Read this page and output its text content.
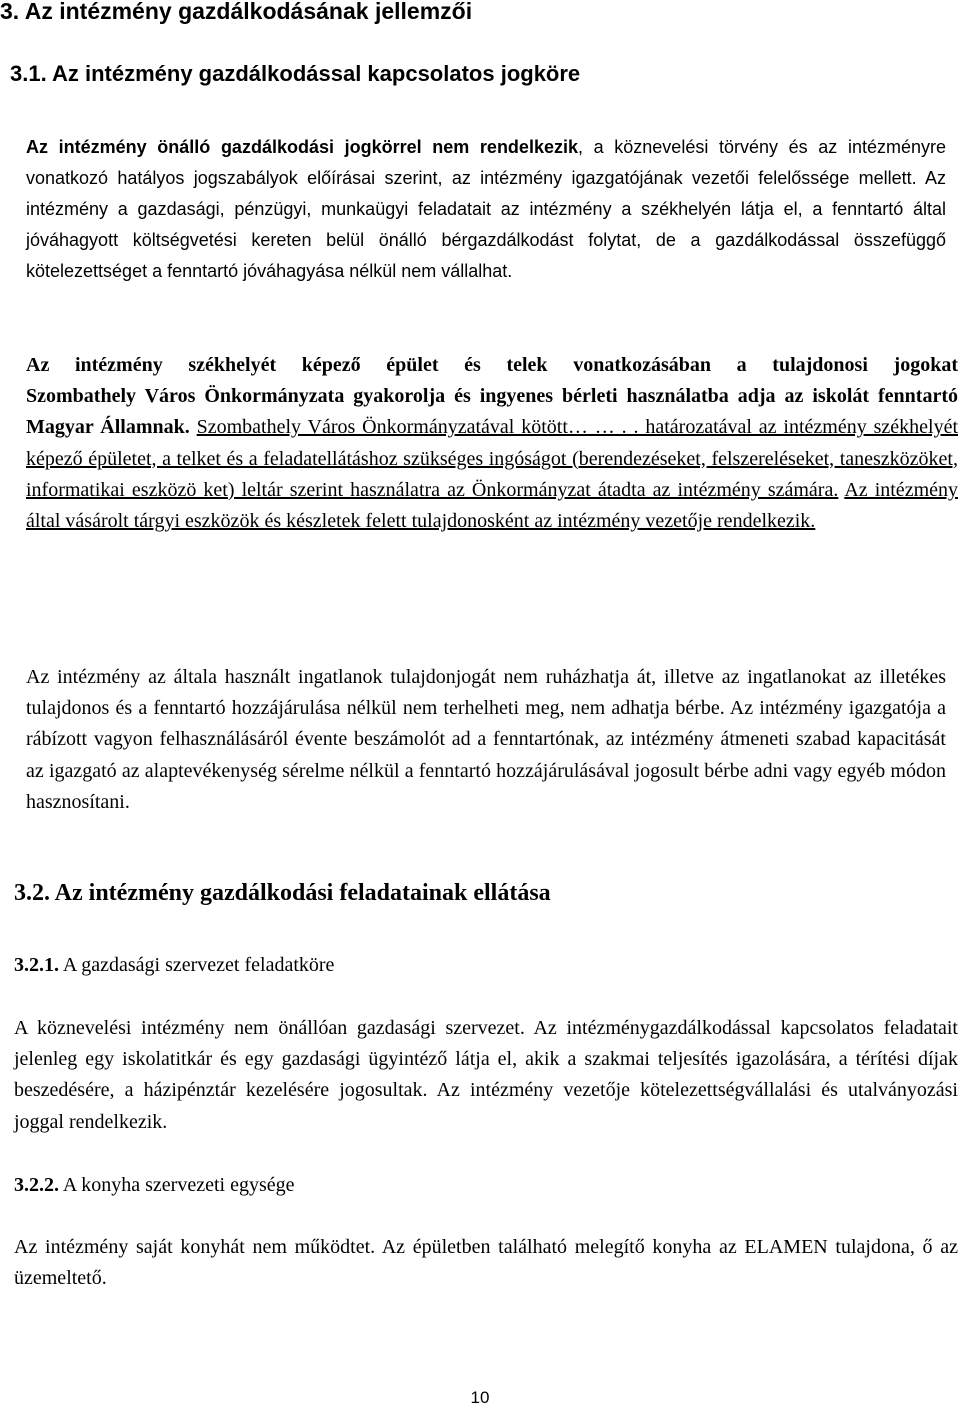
3. Az intézmény gazdálkodásának jellemzői
3.1. Az intézmény gazdálkodással kapcsolatos jogköre

Az intézmény önálló gazdálkodási jogkörrel nem rendelkezik, a köznevelési törvény és az intézményre vonatkozó hatályos jogszabályok előírásai szerint, az intézmény igazgatójának vezetői felelőssége mellett. Az intézmény a gazdasági, pénzügyi, munkaügyi feladatait az intézmény a székhelyén látja el, a fenntartó által jóváhagyott költségvetési kereten belül önálló bérgazdálkodást folytat, de a gazdálkodással összefüggő kötelezettséget a fenntartó jóváhagyása nélkül nem vállalhat.

Az intézmény székhelyét képező épület és telek vonatkozásában a tulajdonosi jogokat
Szombathely Város Önkormányzata gyakorolja és ingyenes bérleti használatba adja az iskolát fenntartó Magyar Államnak. Szombathely Város Önkormányzatával kötött… … . . határozatával az intézmény székhelyét képező épületet, a telket és a feladatellátáshoz szükséges ingóságot (berendezéseket, felszereléseket, taneszközöket, informatikai eszközö ket) leltár szerint használatra az Önkormányzat átadta az intézmény számára. Az intézmény által vásárolt tárgyi eszközök és készletek felett tulajdonosként az intézmény vezetője rendelkezik.

Az intézmény az általa használt ingatlanok tulajdonjogát nem ruházhatja át, illetve az ingatlanokat az illetékes tulajdonos és a fenntartó hozzájárulása nélkül nem terhelheti meg, nem adhatja bérbe. Az intézmény igazgatója a rábízott vagyon felhasználásáról évente beszámolót ad a fenntartónak, az intézmény átmeneti szabad kapacitását az igazgató az alaptevékenység sérelme nélkül a fenntartó hozzájárulásával jogosult bérbe adni vagy egyéb módon hasznosítani.

3.2. Az intézmény gazdálkodási feladatainak ellátása
3.2.1. A gazdasági szervezet feladatköre

A köznevelési intézmény nem önállóan gazdasági szervezet. Az intézménygazdálkodással kapcsolatos feladatait jelenleg egy iskolatitkár és egy gazdasági ügyintéző látja el, akik a szakmai teljesítés igazolására, a térítési díjak beszedésére, a házipénztár kezelésére jogosultak. Az intézmény vezetője kötelezettségvállalási és utalványozási joggal rendelkezik.

3.2.2. A konyha szervezeti egysége

Az intézmény saját konyhát nem működtet. Az épületben található melegítő konyha az ELAMEN tulajdona, ő az üzemeltető.

10
